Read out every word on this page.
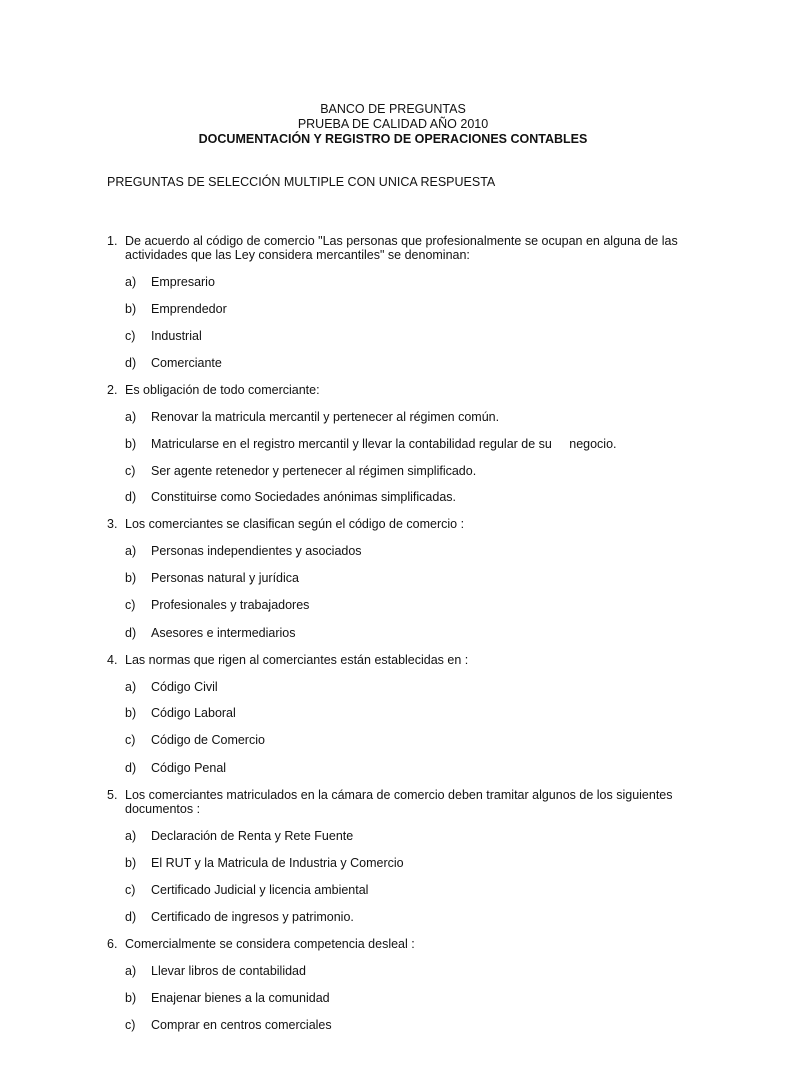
BANCO DE PREGUNTAS
PRUEBA DE CALIDAD AÑO 2010
DOCUMENTACIÓN Y REGISTRO DE OPERACIONES CONTABLES
PREGUNTAS DE SELECCIÓN MULTIPLE CON UNICA RESPUESTA
1. De acuerdo al código de comercio "Las personas que profesionalmente se ocupan en alguna de las actividades que las Ley considera mercantiles" se denominan:

a)

Empresario

b)

Emprendedor

c)

Industrial

d)

Comerciante

2. Es obligación de todo comerciante:

a)

Renovar la matricula mercantil y pertenecer al régimen común.

b)

Matricularse en el registro mercantil y llevar la contabilidad regular de su     negocio.

c)

Ser agente retenedor y pertenecer al régimen simplificado.

d)

Constituirse como Sociedades anónimas simplificadas.

3. Los comerciantes se clasifican según el código de comercio :

a)

Personas independientes y asociados

b)

Personas natural y jurídica

c)

Profesionales y trabajadores

d)

Asesores e intermediarios

4. Las normas que rigen al comerciantes están establecidas en :

a)

Código Civil

b)

Código Laboral

c)

Código de Comercio

d)

Código Penal

5. Los comerciantes matriculados en la cámara de comercio deben tramitar algunos de los siguientes documentos :

a)

Declaración de Renta y Rete Fuente

b)

El RUT y la Matricula de Industria y Comercio

c)

Certificado Judicial y licencia ambiental

d)

Certificado de ingresos y patrimonio.

6. Comercialmente se considera competencia desleal :

a)

Llevar libros de contabilidad

b)

Enajenar bienes a la comunidad

c)

Comprar en centros comerciales
